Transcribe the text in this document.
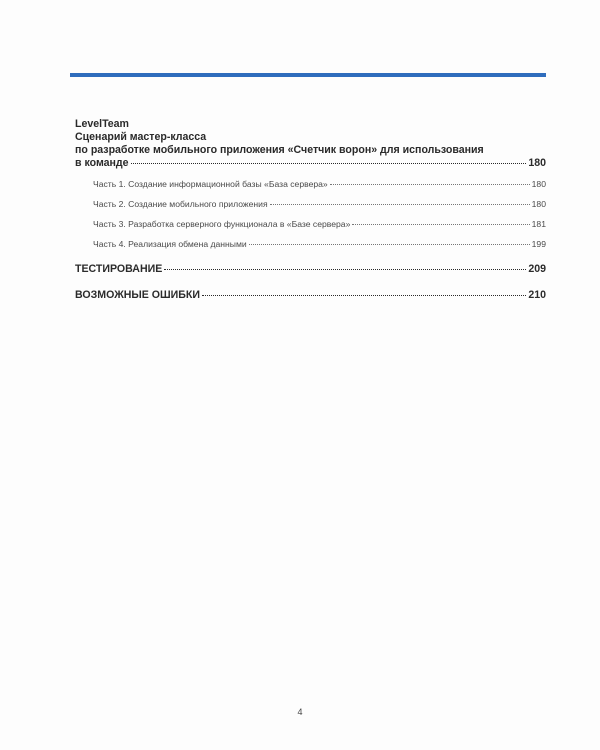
LevelTeam
Сценарий мастер-класса
по разработке мобильного приложения «Счетчик ворон» для использования
в команде	180
Часть 1. Создание информационной базы «База сервера»	180
Часть 2. Создание мобильного приложения	180
Часть 3. Разработка серверного функционала в «Базе сервера»	181
Часть 4. Реализация обмена данными	199
ТЕСТИРОВАНИЕ	209
ВОЗМОЖНЫЕ ОШИБКИ	210
4
